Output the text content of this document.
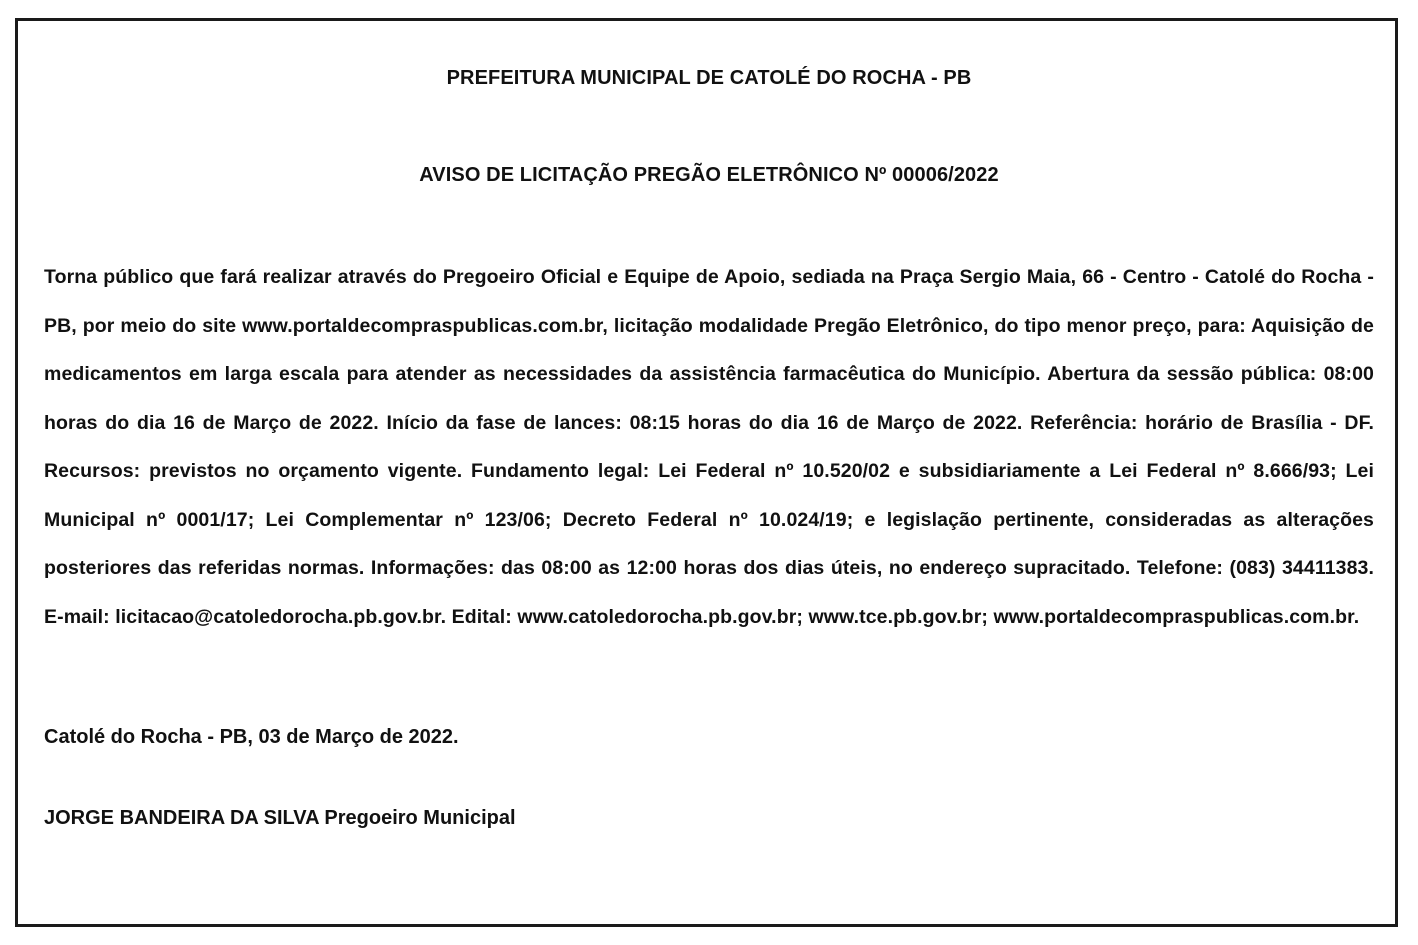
PREFEITURA MUNICIPAL DE CATOLÉ DO ROCHA - PB
AVISO DE LICITAÇÃO PREGÃO ELETRÔNICO Nº 00006/2022

Torna público que fará realizar através do Pregoeiro Oficial e Equipe de Apoio, sediada na Praça Sergio Maia, 66 - Centro - Catolé do Rocha - PB, por meio do site www.portaldecompraspublicas.com.br, licitação modalidade Pregão Eletrônico, do tipo menor preço, para: Aquisição de medicamentos em larga escala para atender as necessidades da assistência farmacêutica do Município. Abertura da sessão pública: 08:00 horas do dia 16 de Março de 2022. Início da fase de lances: 08:15 horas do dia 16 de Março de 2022. Referência: horário de Brasília - DF. Recursos: previstos no orçamento vigente. Fundamento legal: Lei Federal nº 10.520/02 e subsidiariamente a Lei Federal nº 8.666/93; Lei Municipal nº 0001/17; Lei Complementar nº 123/06; Decreto Federal nº 10.024/19; e legislação pertinente, consideradas as alterações posteriores das referidas normas. Informações: das 08:00 as 12:00 horas dos dias úteis, no endereço supracitado. Telefone: (083) 34411383. E-mail: licitacao@catoledorocha.pb.gov.br. Edital: www.catoledorocha.pb.gov.br; www.tce.pb.gov.br; www.portaldecompraspublicas.com.br.

Catolé do Rocha - PB, 03 de Março de 2022.
JORGE BANDEIRA DA SILVA Pregoeiro Municipal
